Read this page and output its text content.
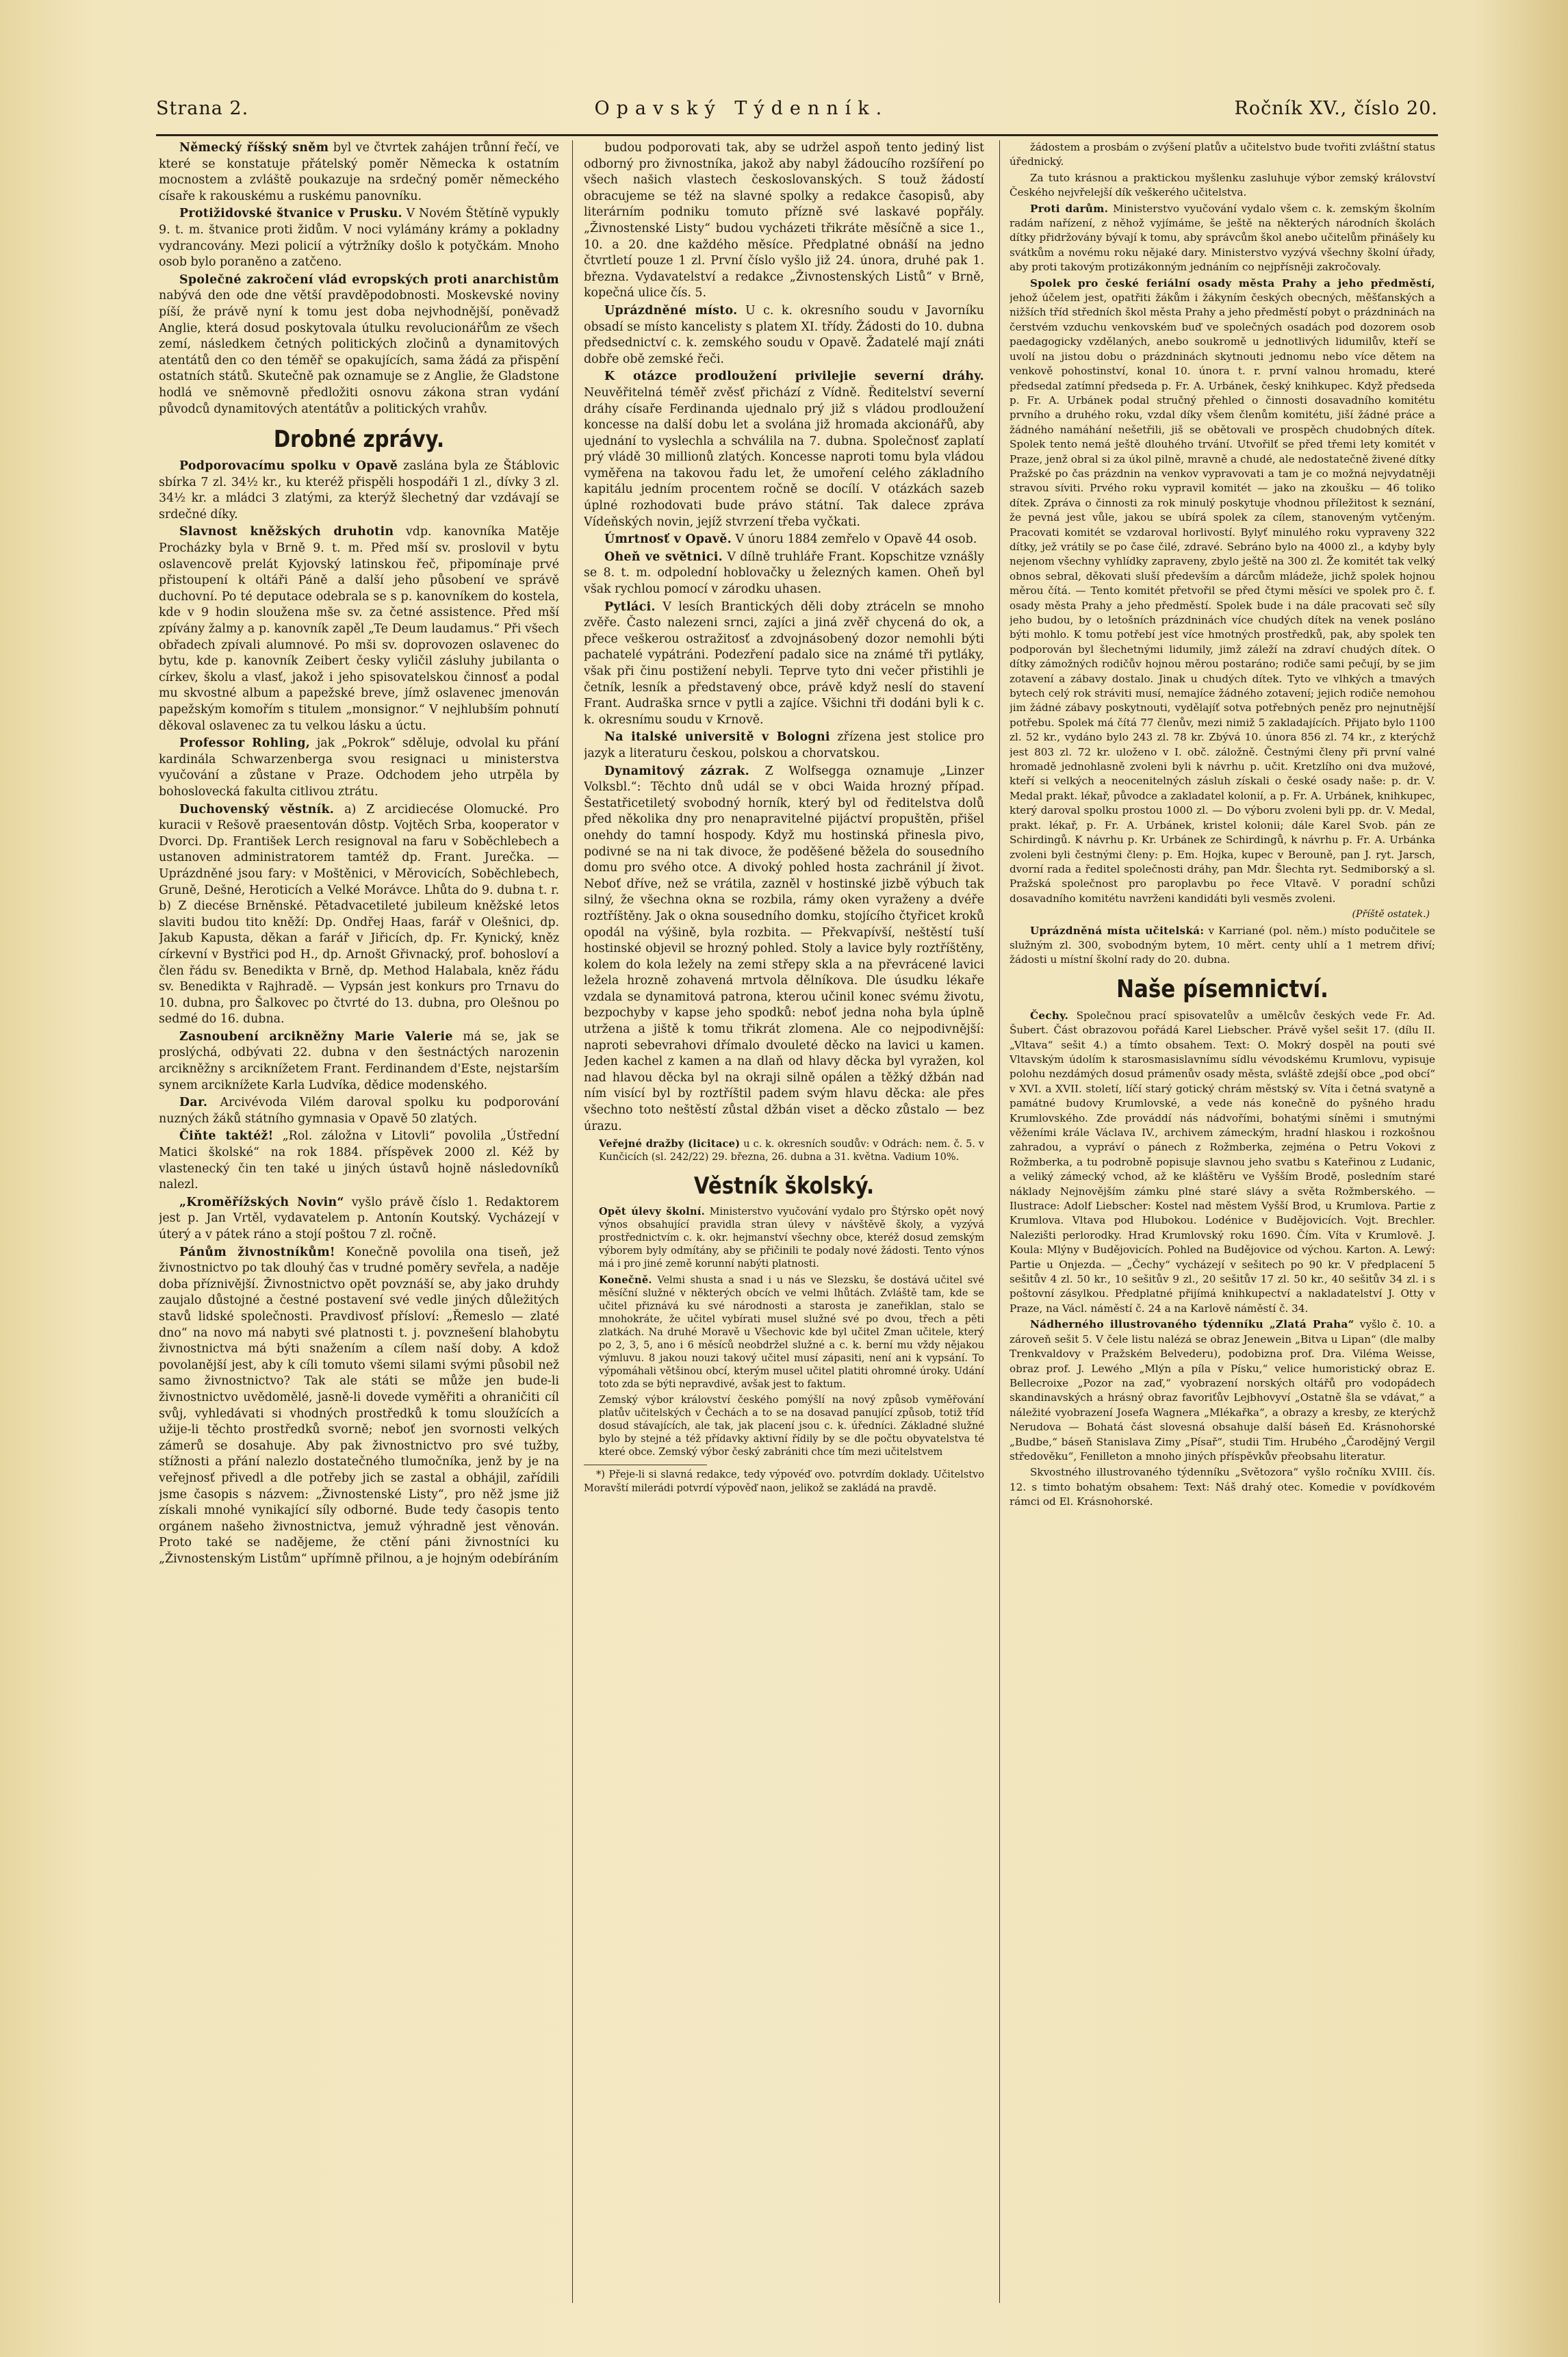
Strana 2.	Opavský Týdenník.	Ročník XV., číslo 20.

Německý říšský sněm byl ve čtvrtek zahájen trůnní řečí, ve které se konstatuje přátelský poměr Německa k ostatním mocnostem a zvláště poukazuje na srdečný poměr německého císaře k rakouskému a ruskému panovníku.

Protižidovské štvanice v Prusku. V Novém Štětíně vypukly 9. t. m. štvanice proti židům. V noci vylámány krámy a pokladny vydrancovány. Mezi policií a výtržníky došlo k potyčkám. Mnoho osob bylo poraněno a zatčeno.

Společné zakročení vlád evropských proti anarchistům nabývá den ode dne větší pravděpodobnosti. Moskevské noviny píší, že právě nyní k tomu jest doba nejvhodnější, poněvadž Anglie, která dosud poskytovala útulku revolucionářům ze všech zemí, následkem četných politických zločinů a dynamitových atentátů den co den téměř se opakujících, sama žádá za přispění ostatních států. Skutečně pak oznamuje se z Anglie, že Gladstone hodlá ve sněmovně předložiti osnovu zákona stran vydání původců dynamitových atentátův a politických vrahův.

Drobné zprávy.

Podporovacímu spolku v Opavě zaslána byla ze Štáblovic sbírka 7 zl. 34½ kr., ku kteréž přispěli hospodáři 1 zl., dívky 3 zl. 34½ kr. a mládci 3 zlatými, za kterýž šlechetný dar vzdávají se srdečné díky.

Slavnost kněžských druhotin vdp. kanovníka Matěje Procházky byla v Brně 9. t. m. Před mší sv. proslovil v bytu oslavencově prelát Kyjovský latinskou řeč, připomínaje prvé přistoupení k oltáři Páně a další jeho působení ve správě duchovní. Po té deputace odebrala se s p. kanovníkem do kostela, kde v 9 hodin sloužena mše sv. za četné assistence. Před mší zpívány žalmy a p. kanovník zapěl „Te Deum laudamus.“ Při všech obřadech zpívali alumnové. Po mši sv. doprovozen oslavenec do bytu, kde p. kanovník Zeibert česky vyličil zásluhy jubilanta o církev, školu a vlasť, jakož i jeho spisovatelskou činnosť a podal mu skvostné album a papežské breve, jímž oslavenec jmenován papežským komořím s titulem „monsignor.“ V nejhlubším pohnutí děkoval oslavenec za tu velkou lásku a úctu.

Professor Rohling, jak „Pokrok“ sděluje, odvolal ku přání kardinála Schwarzenberga svou resignaci u ministerstva vyučování a zůstane v Praze. Odchodem jeho utrpěla by bohoslovecká fakulta citlivou ztrátu.

Duchovenský věstník. a) Z arcidiecése Olomucké. Pro kuracii v Rešově praesentován dôstp. Vojtěch Srba, kooperator v Dvorci. Dp. František Lerch resignoval na faru v Soběchlebech a ustanoven administratorem tamtéž dp. Frant. Jurečka. — Uprázdněné jsou fary: v Moštěnici, v Měrovicích, Soběchlebech, Gruně, Dešné, Heroticích a Velké Morávce. Lhůta do 9. dubna t. r. b) Z diecése Brněnské. Pětadvacetileté jubileum kněžské letos slaviti budou tito kněží: Dp. Ondřej Haas, farář v Olešnici, dp. Jakub Kapusta, děkan a farář v Jiřicích, dp. Fr. Kynický, kněz církevní v Bystřici pod H., dp. Arnošt Gřivnacký, prof. bohosloví a člen řádu sv. Benedikta v Brně, dp. Method Halabala, kněz řádu sv. Benedikta v Rajhradě. — Vypsán jest konkurs pro Trnavu do 10. dubna, pro Šalkovec po čtvrté do 13. dubna, pro Olešnou po sedmé do 16. dubna.

Zasnoubení arcikněžny Marie Valerie má se, jak se proslýchá, odbývati 22. dubna v den šestnáctých narozenin arcikněžny s arciknížetem Frant. Ferdinandem d'Este, nejstarším synem arciknížete Karla Ludvíka, dědice modenského.

Dar. Arcivévoda Vilém daroval spolku ku podporování nuzných žáků státního gymnasia v Opavě 50 zlatých.

Čiňte taktéž! „Rol. záložna v Litovli“ povolila „Ústřední Matici školské“ na rok 1884. příspěvek 2000 zl. Kéž by vlastenecký čin ten také u jiných ústavů hojně následovníků nalezl.

„Kroměřížských Novin“ vyšlo právě číslo 1. Redaktorem jest p. Jan Vrtěl, vydavatelem p. Antonín Koutský. Vycházejí v úterý a v pátek ráno a stojí poštou 7 zl. ročně.

Pánům živnostníkům! Konečně povolila ona tiseň, jež živnostnictvo po tak dlouhý čas v trudné poměry sevřela, a naděje doba příznivější. Živnostnictvo opět povznáší se, aby jako druhdy zaujalo důstojné a čestné postavení své vedle jiných důležitých stavů lidské společnosti. Pravdivosť přísloví: „Řemeslo — zlaté dno“ na novo má nabyti své platnosti t. j. povznešení blahobytu živnostnictva má býti snažením a cílem naší doby. A kdož povolanější jest, aby k cíli tomuto všemi silami svými působil než samo živnostnictvo? Tak ale státi se může jen bude-li živnostnictvo uvědomělé, jasně-li dovede vyměřiti a ohraničiti cíl svůj, vyhledávati si vhodných prostředků k tomu sloužících a užije-li těchto prostředků svorně; neboť jen svornosti velkých zámerů se dosahuje. Aby pak živnostnictvo pro své tužby, stížnosti a přání nalezlo dostatečného tlumočníka, jenž by je na veřejnosť přivedl a dle potřeby jich se zastal a obhájil, zařídili jsme časopis s názvem: „Živnostenské Listy“, pro něž jsme již získali mnohé vynikající síly odborné. Bude tedy časopis tento orgánem našeho živnostnictva, jemuž výhradně jest věnován. Proto také se nadějeme, že ctění páni živnostníci ku „Živnostenským Listům“ upřímně přilnou, a je hojným odebíráním

budou podporovati tak, aby se udržel aspoň tento jediný list odborný pro živnostníka, jakož aby nabyl žádoucího rozšíření po všech našich vlastech českoslovanských. S touž žádostí obracujeme se též na slavné spolky a redakce časopisů, aby literárním podniku tomuto přízně své laskavé popřály. „Živnostenské Listy“ budou vycházeti třikráte měsíčně a sice 1., 10. a 20. dne každého měsíce. Předplatné obnáší na jedno čtvrtletí pouze 1 zl. První číslo vyšlo již 24. února, druhé pak 1. března. Vydavatelství a redakce „Živnostenských Listů“ v Brně, kopečná ulice čís. 5.

Uprázdněné místo. U c. k. okresního soudu v Javorníku obsadí se místo kancelisty s platem XI. třídy. Žádosti do 10. dubna předsednictví c. k. zemského soudu v Opavě. Žadatelé mají znáti dobře obě zemské řeči.

K otázce prodloužení privilejie severní dráhy. Neuvěřitelná téměř zvěsť přichází z Vídně. Ředitelství severní dráhy císaře Ferdinanda ujednalo prý již s vládou prodloužení koncesse na další dobu let a svolána již hromada akcionářů, aby ujednání to vyslechla a schválila na 7. dubna. Společnosť zaplatí prý vládě 30 millionů zlatých. Koncesse naproti tomu byla vládou vyměřena na takovou řadu let, že umoření celého základního kapitálu jedním procentem ročně se docílí. V otázkách sazeb úplné rozhodovati bude právo státní. Tak dalece zpráva Vídeňských novin, jejíž stvrzení třeba vyčkati.

Úmrtnosť v Opavě. V únoru 1884 zemřelo v Opavě 44 osob.

Oheň ve světnici. V dílně truhláře Frant. Kopschitze vznášly se 8. t. m. odpolední hoblovačky u železných kamen. Oheň byl však rychlou pomocí v zárodku uhasen.

Pytláci. V lesích Brantických děli doby ztráceln se mnoho zvěře. Často nalezeni srnci, zajíci a jiná zvěř chycená do ok, a přece veškerou ostražitosť a zdvojnásobený dozor nemohli býti pachatelé vypátráni. Podezření padalo sice na známé tři pytláky, však při činu postižení nebyli. Teprve tyto dni večer přistihli je četník, lesník a představený obce, právě když neslí do stavení Frant. Audraška srnce v pytli a zajíce. Všichni tři dodáni byli k c. k. okresnímu soudu v Krnově.

Na italské universitě v Bologni zřízena jest stolice pro jazyk a literaturu českou, polskou a chorvatskou.

Dynamitový zázrak. Z Wolfsegga oznamuje „Linzer Volksbl.“: Těchto dnů udál se v obci Waida hrozný případ. Šestatřicetiletý svobodný horník, který byl od ředitelstva dolů před několika dny pro nenapravitelné pijáctví propuštěn, přišel onehdy do tamní hospody. Když mu hostinská přinesla pivo, podivné se na ni tak divoce, že poděšené běžela do sousedního domu pro svého otce. A divoký pohled hosta zachránil jí život. Neboť dříve, než se vrátila, zazněl v hostinské jizbě výbuch tak silný, že všechna okna se rozbila, rámy oken vyraženy a dvéře roztříštěny. Jak o okna sousedního domku, stojícího čtyřicet kroků opodál na výšině, byla rozbita. — Překvapívší, neštěstí tuší hostinské objevil se hrozný pohled. Stoly a lavice byly roztříštěny, kolem do kola ležely na zemi střepy skla a na převrácené lavici ležela hrozně zohavená mrtvola dělníkova. Dle úsudku lékaře vzdala se dynamitová patrona, kterou učinil konec svému životu, bezpochyby v kapse jeho spodků: neboť jedna noha byla úplně utržena a jiště k tomu třikrát zlomena. Ale co nejpodivnější: naproti sebevrahovi dřímalo dvouleté děcko na lavici u kamen. Jeden kachel z kamen a na dlaň od hlavy děcka byl vyražen, kol nad hlavou děcka byl na okraji silně opálen a těžký džbán nad ním visící byl by roztříštil padem svým hlavu děcka: ale přes všechno toto neštěstí zůstal džbán viset a děcko zůstalo — bez úrazu.

Veřejné dražby (licitace) u c. k. okresních soudův: v Odrách: nem. č. 5. v Kunčicích (sl. 242/22) 29. března, 26. dubna a 31. května. Vadium 10%.

Věstník školský.

Opět úlevy školní. Ministerstvo vyučování vydalo pro Štýrsko opět nový výnos obsahující pravidla stran úlevy v návštěvě školy, a vyzývá prostřednictvím c. k. okr. hejmanství všechny obce, kteréž dosud zemským výborem byly odmítány, aby se přičinili te podaly nové žádosti. Tento výnos má i pro jiné země korunní nabýti platnosti.

Konečně. Velmi shusta a snad i u nás ve Slezsku, še dostává učitel své měsíční služné v některých obcích ve velmi lhůtách. Zvláště tam, kde se učitel přiznává ku své národnosti a starosta je zaneřiklan, stalo se mnohokráte, že učitel vybírati musel služné své po dvou, třech a pěti zlatkách. Na druhé Moravě u Všechovic kde byl učitel Zman učitele, který po 2, 3, 5, ano i 6 měsíců neobdržel služné a c. k. berní mu vždy nějakou výmluvu. 8 jakou nouzi takový učitel musí zápasiti, není ani k vypsání. To výpomáhali většinou obcí, kterým musel učitel platiti ohromné úroky. Udání toto zda se býti nepravdivé, avšak jest to faktum.

Zemský výbor království českého pomýšlí na nový způsob vyměřování platův učitelských v Čechách a to se na dosavad panující způsob, totiž tříd dosud stávajících, ale tak, jak placení jsou c. k. úředníci. Základné služné bylo by stejné a též přídavky aktivní řídily by se dle počtu obyvatelstva té které obce. Zemský výbor český zabrániti chce tím mezi učitelstvem

*) Přeje-li si slavná redakce, tedy výpovéď ovo. potvrdím doklady. Učitelstvo Moravští milerádi potvrdí výpověď naon, jelikož se zakládá na pravdě.

žádostem a prosbám o zvýšení platův a učitelstvo bude tvořiti zvláštní status úřednický.

Za tuto krásnou a praktickou myšlenku zasluhuje výbor zemský království Českého nejvřelejší dík veškerého učitelstva.

Proti darům. Ministerstvo vyučování vydalo všem c. k. zemským školním radám nařízení, z něhož vyjímáme, še ještě na některých národních školách dítky přidržovány bývají k tomu, aby správcům škol anebo učitelům přinášely ku svátkům a novému roku nějaké dary. Ministerstvo vyzývá všechny školní úřady, aby proti takovým protizákonným jednáním co nejpřísněji zakročovaly.

Spolek pro české feriální osady města Prahy a jeho předměstí, jehož účelem jest, opatřiti žákům i žákyním českých obecných, měšťanských a nižších tříd středních škol města Prahy a jeho předměstí pobyt o prázdninách na čerstvém vzduchu venkovském buď ve společných osadách pod dozorem osob paedagogicky vzdělaných, anebo soukromě u jednotlivých lidumilův, kteří se uvolí na jistou dobu o prázdninách skytnouti jednomu nebo více dětem na venkově pohostinství, konal 10. února t. r. první valnou hromadu, které předsedal zatímní předseda p. Fr. A. Urbánek, český knihkupec. Když předseda p. Fr. A. Urbánek podal stručný přehled o činnosti dosavadního komitétu prvního a druhého roku, vzdal díky všem členům komitétu, jiší žádné práce a žádného namáhání nešetřili, jiš se obětovali ve prospěch chudobných dítek. Spolek tento nemá ještě dlouhého trvání. Utvořilť se před třemi lety komitét v Praze, jenž obral si za úkol pilně, mravně a chudé, ale nedostatečně živené dítky Pražské po čas prázdnin na venkov vypravovati a tam je co možná nejvydatněji stravou síviti. Prvého roku vypravil komitét — jako na zkoušku — 46 toliko dítek. Zpráva o činnosti za rok minulý poskytuje vhodnou příležitost k seznání, že pevná jest vůle, jakou se ubírá spolek za cílem, stanoveným vytčeným. Pracovati komitét se vzdaroval horlivostí. Bylyť minulého roku vypraveny 322 dítky, jež vrátily se po čase čilé, zdravé. Sebráno bylo na 4000 zl., a kdyby byly nejenom všechny vyhlídky zapraveny, zbylo ještě na 300 zl. Že komitét tak velký obnos sebral, děkovati sluší především a dárcům mládeže, jichž spolek hojnou měrou čítá. — Tento komitét přetvořil se před čtymi měsíci ve spolek pro č. f. osady města Prahy a jeho předměstí. Spolek bude i na dále pracovati seč síly jeho budou, by o letošních prázdninách více chudých dítek na venek posláno býti mohlo. K tomu potřebí jest více hmotných prostředků, pak, aby spolek ten podporován byl šlechetnými lidumily, jimž záleží na zdraví chudých dítek. O dítky zámožných rodičův hojnou měrou postaráno; rodiče sami pečují, by se jim zotavení a zábavy dostalo. Jinak u chudých dítek. Tyto ve vlhkých a tmavých bytech celý rok stráviti musí, nemajíce žádného zotavení; jejich rodiče nemohou jim žádné zábavy poskytnouti, vydělajíť sotva potřebných peněz pro nejnutnější potřebu. Spolek má čítá 77 členův, mezi nimiž 5 zakladajících. Přijato bylo 1100 zl. 52 kr., vydáno bylo 243 zl. 78 kr. Zbývá 10. února 856 zl. 74 kr., z kterýchž jest 803 zl. 72 kr. uloženo v I. obč. záložně. Čestnými členy při první valné hromadě jednohlasně zvoleni byli k návrhu p. učit. Kretzlího oni dva mužové, kteří si velkých a neocenitelných zásluh získali o české osady naše: p. dr. V. Medal prakt. lékař, původce a zakladatel kolonií, a p. Fr. A. Urbánek, knihkupec, který daroval spolku prostou 1000 zl. — Do výboru zvoleni byli pp. dr. V. Medal, prakt. lékař, p. Fr. A. Urbánek, kristel kolonii; dále Karel Svob. pán ze Schirdingů. K návrhu p. Kr. Urbánek ze Schirdingů, k návrhu p. Fr. A. Urbánka zvoleni byli čestnými členy: p. Em. Hojka, kupec v Berouně, pan J. ryt. Jarsch, dvorní rada a ředitel společnosti dráhy, pan Mdr. Šlechta ryt. Sedmiborský a sl. Pražská společnost pro paroplavbu po řece Vltavě. V poradní schůzi dosavadního komitétu navrženi kandidáti byli vesměs zvoleni.

(Příště ostatek.)

Uprázdněná místa učitelská: v Karriané (pol. něm.) místo podučitele se služným zl. 300, svobodným bytem, 10 měrt. centy uhlí a 1 metrem dřiví; žádosti u místní školní rady do 20. dubna.

Naše písemnictví.

Čechy. Společnou prací spisovatelův a umělcův českých vede Fr. Ad. Šubert. Část obrazovou pořádá Karel Liebscher. Právě vyšel sešit 17. (dílu II. „Vltava“ sešit 4.) a tímto obsahem. Text: O. Mokrý dospěl na pouti své Vltavským údolím k starosmasislavnímu sídlu vévodskému Krumlovu, vypisuje polohu nezdámých dosud prámenův osady města, svláště zdejší obce „pod obcí“ v XVI. a XVII. století, líčí starý gotický chrám městský sv. Víta i četná svatyně a památné budovy Krumlovské, a vede nás konečně do pyšného hradu Krumlovského. Zde prováddí nás nádvořími, bohatými síněmi i smutnými věženími krále Václava IV., archivem zámeckým, hradní hlaskou i rozkošnou zahradou, a vypráví o pánech z Rožmberka, zejména o Petru Vokovi z Rožmberka, a tu podrobně popisuje slavnou jeho svatbu s Kateřinou z Ludanic, a veliký zámecký vchod, až ke kláštěru ve Vyšším Brodě, posledním staré náklady Nejnovějším zámku plné staré slávy a světa Rožmberského. — Ilustrace: Adolf Liebscher: Kostel nad městem Vyšší Brod, u Krumlova. Partie z Krumlova. Vltava pod Hlubokou. Lodénice v Budějovicích. Vojt. Brechler. Nalezišti perlorodky. Hrad Krumlovský roku 1690. Čím. Víta v Krumlově. J. Koula: Mlýny v Budějovicích. Pohled na Budějovice od výchou. Karton. A. Lewý: Partie u Onjezda. — „Čechy“ vycházejí v sešitech po 90 kr. V předplacení 5 sešitův 4 zl. 50 kr., 10 sešitův 9 zl., 20 sešitův 17 zl. 50 kr., 40 sešitův 34 zl. i s poštovní zásylkou. Předplatné přijímá knihkupectví a nakladatelství J. Otty v Praze, na Václ. náměstí č. 24 a na Karlově náměstí č. 34.

Nádherného illustrovaného týdenníku „Zlatá Praha“ vyšlo č. 10. a zároveň sešit 5. V čele listu nalézá se obraz Jenewein „Bitva u Lipan“ (dle malby Trenkvaldovy v Pražském Belvederu), podobizna prof. Dra. Viléma Weisse, obraz prof. J. Lewého „Mlýn a píla v Písku,“ velice humoristický obraz E. Bellecroixe „Pozor na zaď,“ vyobrazení norských oltářů pro vodopádech skandinavských a hrásný obraz favoriťův Lejbhovyví „Ostatně šla se vdávat,“ a náležité vyobrazení Josefa Wagnera „Mlékařka“, a obrazy a kresby, ze kterýchž Nerudova — Bohatá část slovesná obsahuje další báseň Ed. Krásnohorské „Budbe,“ báseň Stanislava Zimy „Písař“, studii Tim. Hrubého „Čarodějný Vergil středověku“, Fenilleton a mnoho jiných příspěvkův přeobsahu literatur.

Skvostného illustrovaného týdenníku „Světozora“ vyšlo ročníku XVIII. čís. 12. s timto bohatým obsahem: Text: Náš drahý otec. Komedie v povídkovém rámci od El. Krásnohorské.
